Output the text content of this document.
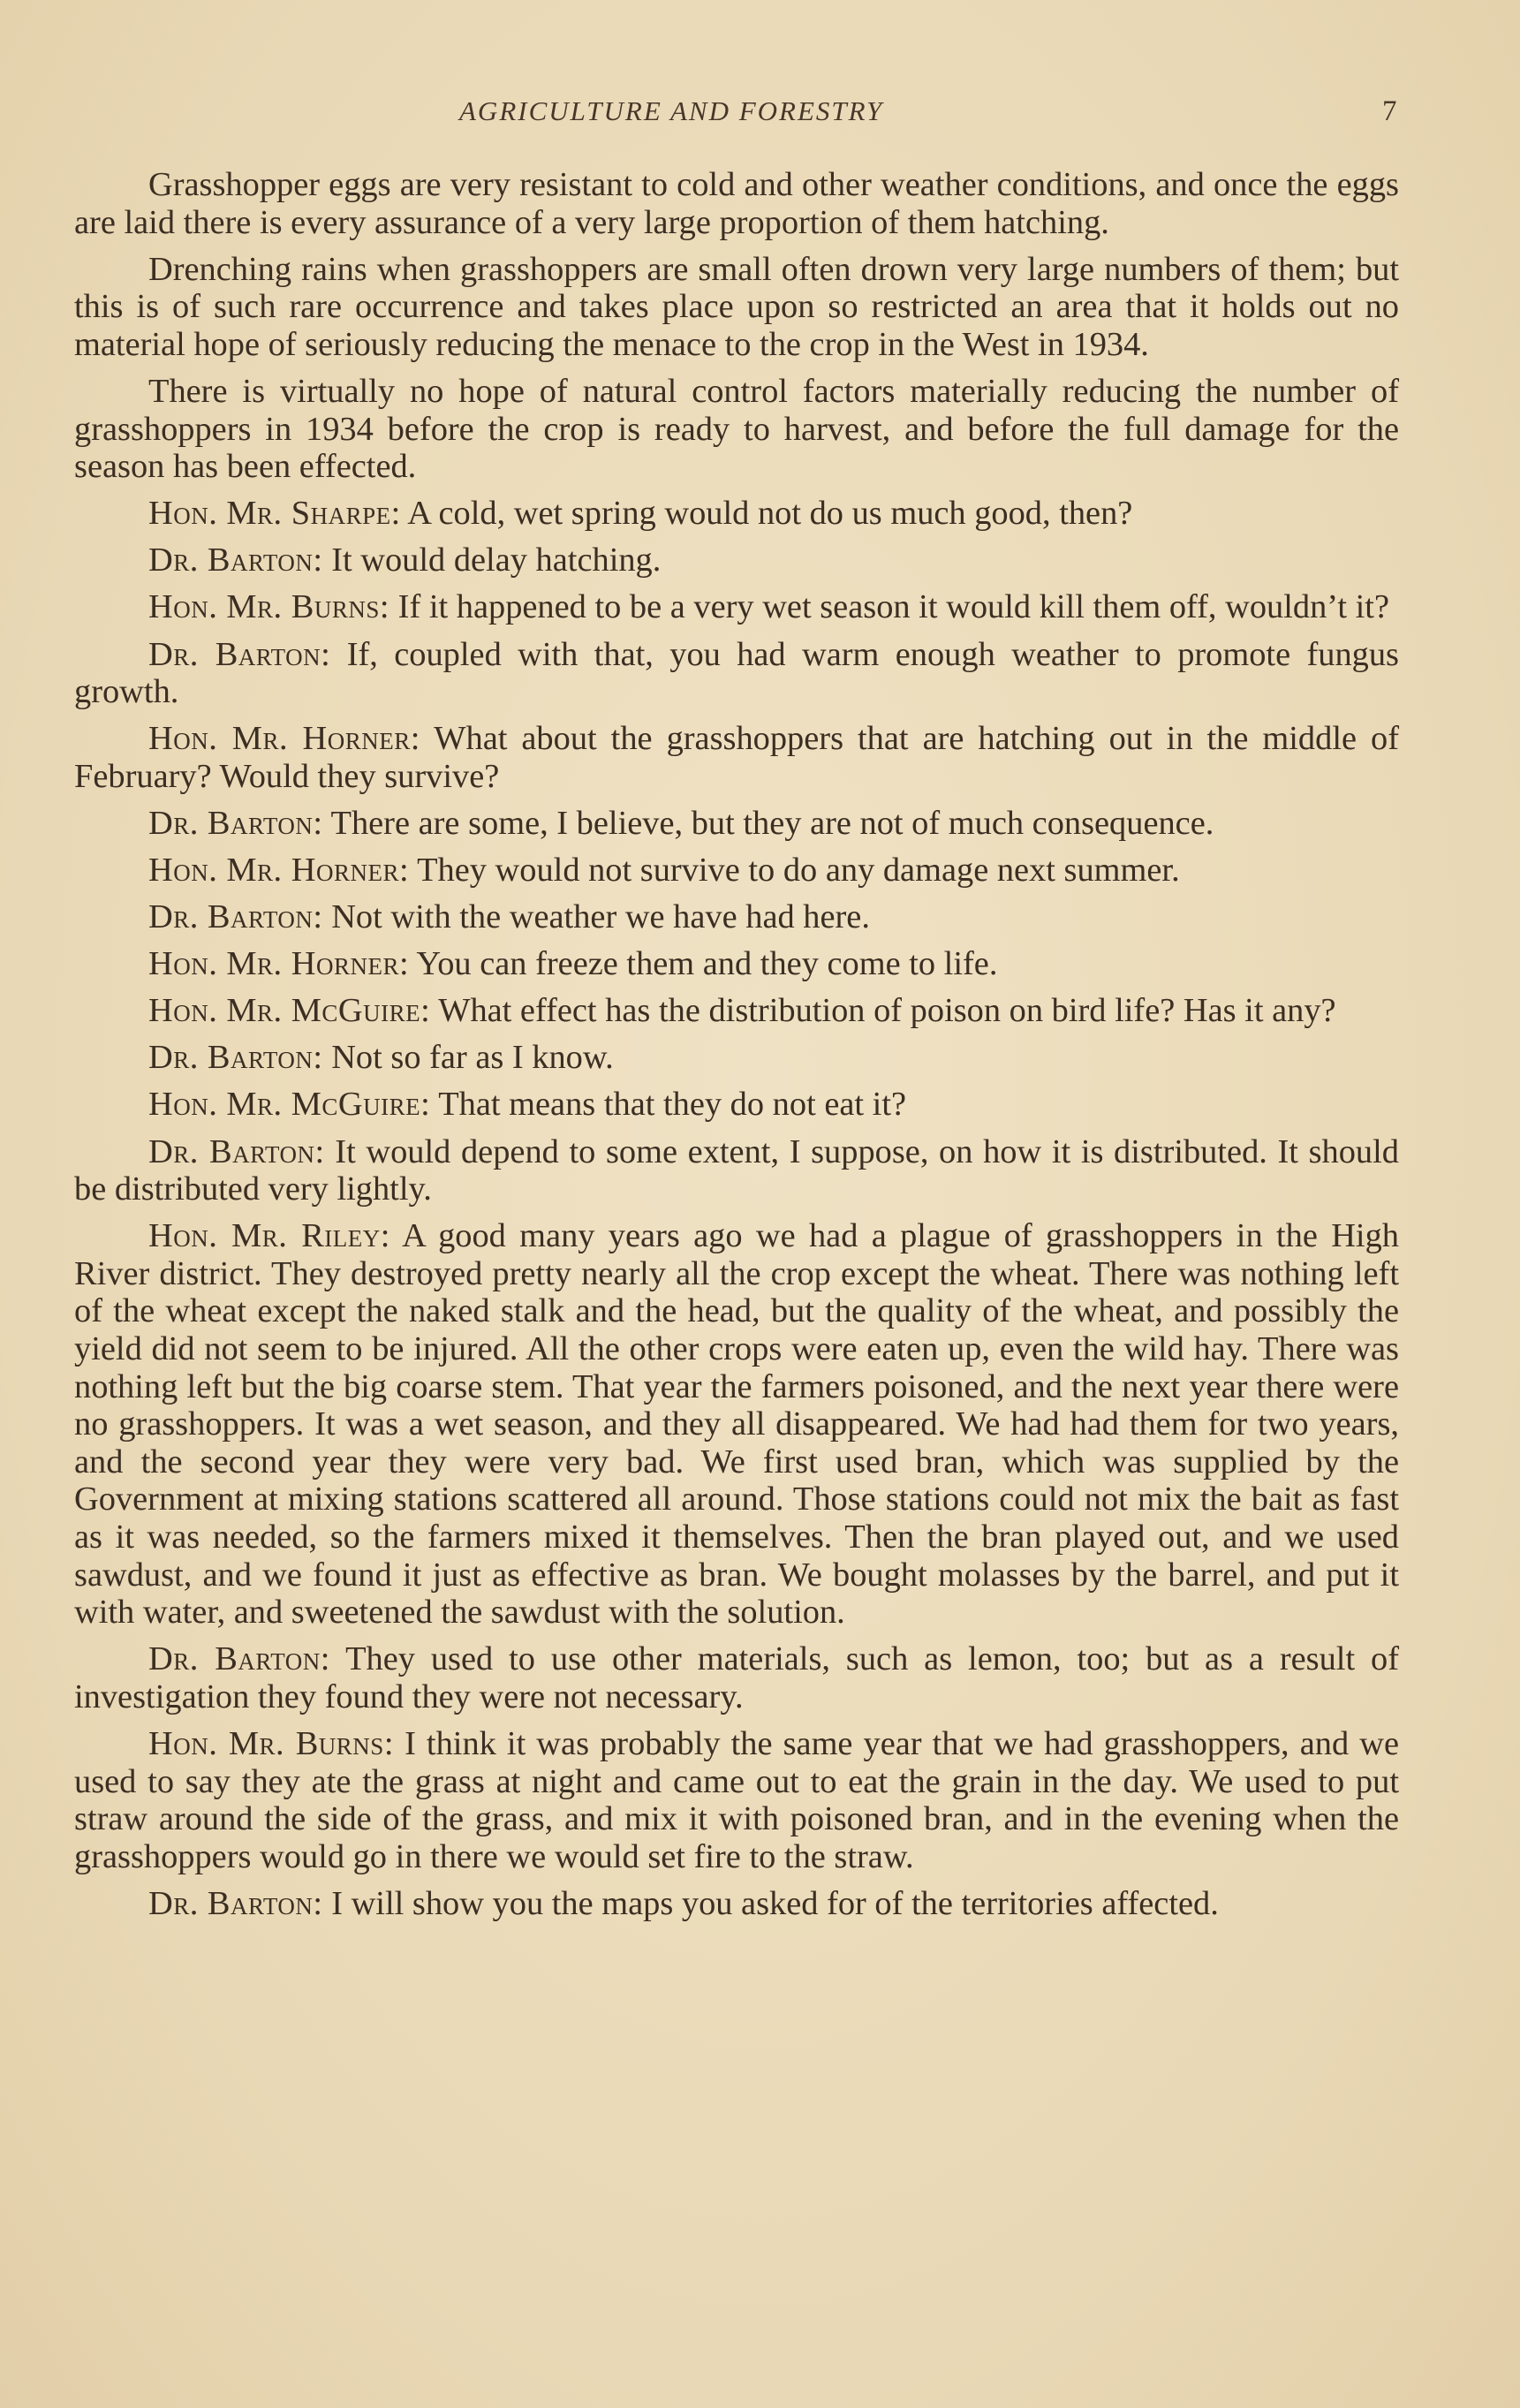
AGRICULTURE AND FORESTRY	7

Grasshopper eggs are very resistant to cold and other weather conditions, and once the eggs are laid there is every assurance of a very large proportion of them hatching.

Drenching rains when grasshoppers are small often drown very large numbers of them; but this is of such rare occurrence and takes place upon so restricted an area that it holds out no material hope of seriously reducing the menace to the crop in the West in 1934.

There is virtually no hope of natural control factors materially reducing the number of grasshoppers in 1934 before the crop is ready to harvest, and before the full damage for the season has been effected.

Hon. Mr. Sharpe: A cold, wet spring would not do us much good, then?

Dr. Barton: It would delay hatching.

Hon. Mr. Burns: If it happened to be a very wet season it would kill them off, wouldn’t it?

Dr. Barton: If, coupled with that, you had warm enough weather to promote fungus growth.

Hon. Mr. Horner: What about the grasshoppers that are hatching out in the middle of February? Would they survive?

Dr. Barton: There are some, I believe, but they are not of much consequence.

Hon. Mr. Horner: They would not survive to do any damage next summer.

Dr. Barton: Not with the weather we have had here.

Hon. Mr. Horner: You can freeze them and they come to life.

Hon. Mr. McGuire: What effect has the distribution of poison on bird life? Has it any?

Dr. Barton: Not so far as I know.

Hon. Mr. McGuire: That means that they do not eat it?

Dr. Barton: It would depend to some extent, I suppose, on how it is distributed. It should be distributed very lightly.

Hon. Mr. Riley: A good many years ago we had a plague of grasshoppers in the High River district. They destroyed pretty nearly all the crop except the wheat. There was nothing left of the wheat except the naked stalk and the head, but the quality of the wheat, and possibly the yield did not seem to be injured. All the other crops were eaten up, even the wild hay. There was nothing left but the big coarse stem. That year the farmers poisoned, and the next year there were no grasshoppers. It was a wet season, and they all disappeared. We had had them for two years, and the second year they were very bad. We first used bran, which was supplied by the Government at mixing stations scattered all around. Those stations could not mix the bait as fast as it was needed, so the farmers mixed it themselves. Then the bran played out, and we used sawdust, and we found it just as effective as bran. We bought molasses by the barrel, and put it with water, and sweetened the sawdust with the solution.

Dr. Barton: They used to use other materials, such as lemon, too; but as a result of investigation they found they were not necessary.

Hon. Mr. Burns: I think it was probably the same year that we had grasshoppers, and we used to say they ate the grass at night and came out to eat the grain in the day. We used to put straw around the side of the grass, and mix it with poisoned bran, and in the evening when the grasshoppers would go in there we would set fire to the straw.

Dr. Barton: I will show you the maps you asked for of the territories affected.
